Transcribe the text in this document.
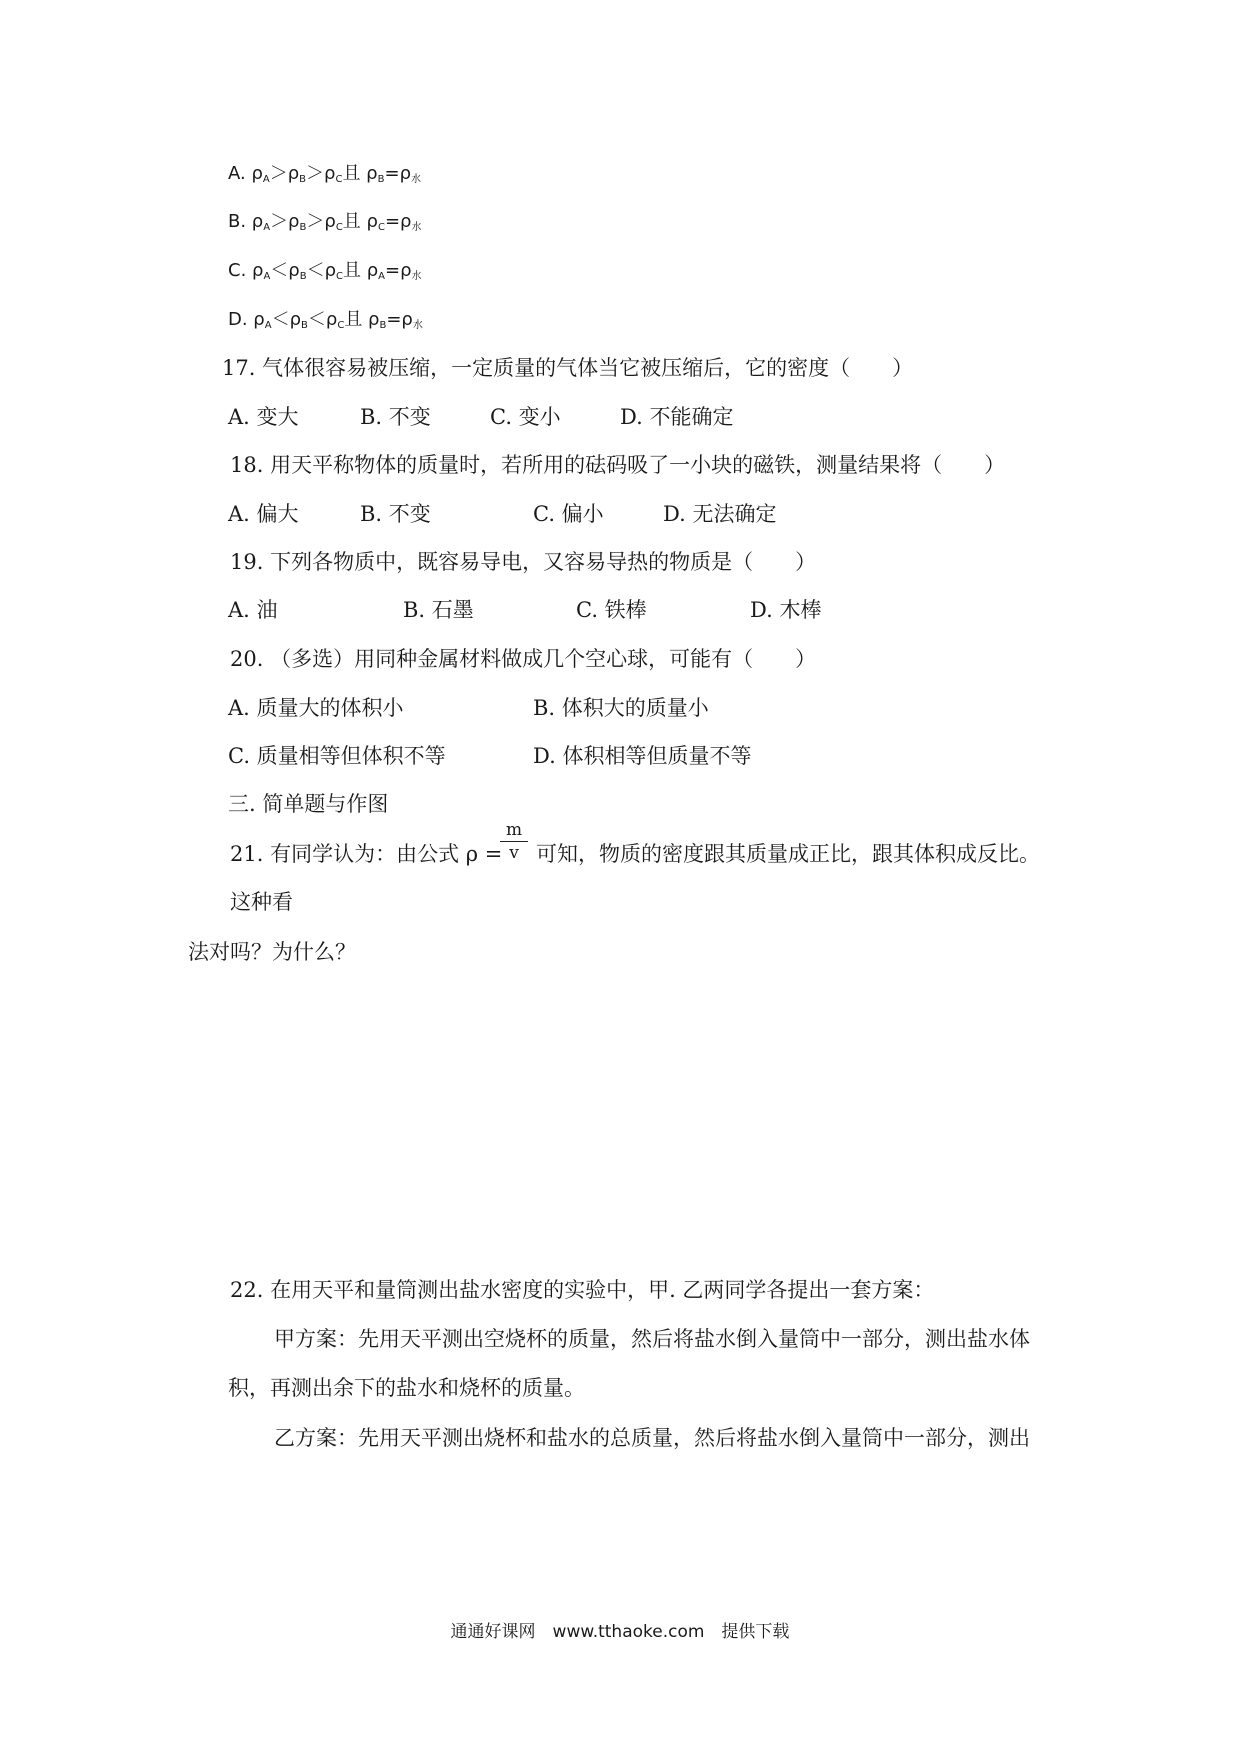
A. $\rho_A>\rho_B>\rho_C$且 $\rho_B=\rho_水$
B. $\rho_A>\rho_B>\rho_C$且 $\rho_C=\rho_水$
C. $\rho_A<\rho_B<\rho_C$且 $\rho_A=\rho_水$
D. $\rho_A<\rho_B<\rho_C$且 $\rho_B=\rho_水$
17. 气体很容易被压缩，一定质量的气体当它被压缩后，它的密度（　　）
A. 变大	B. 不变	C. 变小	D. 不能确定
18. 用天平称物体的质量时，若所用的砝码吸了一小块的磁铁，测量结果将（　　）
A. 偏大	B. 不变	C. 偏小	D. 无法确定
19. 下列各物质中，既容易导电，又容易导热的物质是（　　）
A. 油	B. 石墨	C. 铁棒	D. 木棒
20. （多选）用同种金属材料做成几个空心球，可能有（　　）
A. 质量大的体积小	B. 体积大的质量小
C. 质量相等但体积不等	D. 体积相等但质量不等
三. 简单题与作图
21. 有同学认为：由公式 ρ =
m
v 可知，物质的密度跟其质量成正比，跟其体积成反比。
这种看
法对吗？为什么？
22. 在用天平和量筒测出盐水密度的实验中，甲. 乙两同学各提出一套方案：
甲方案：先用天平测出空烧杯的质量，然后将盐水倒入量筒中一部分，测出盐水体
积，再测出余下的盐水和烧杯的质量。
乙方案：先用天平测出烧杯和盐水的总质量，然后将盐水倒入量筒中一部分，测出
通通好课网　www.tthaoke.com　提供下载
